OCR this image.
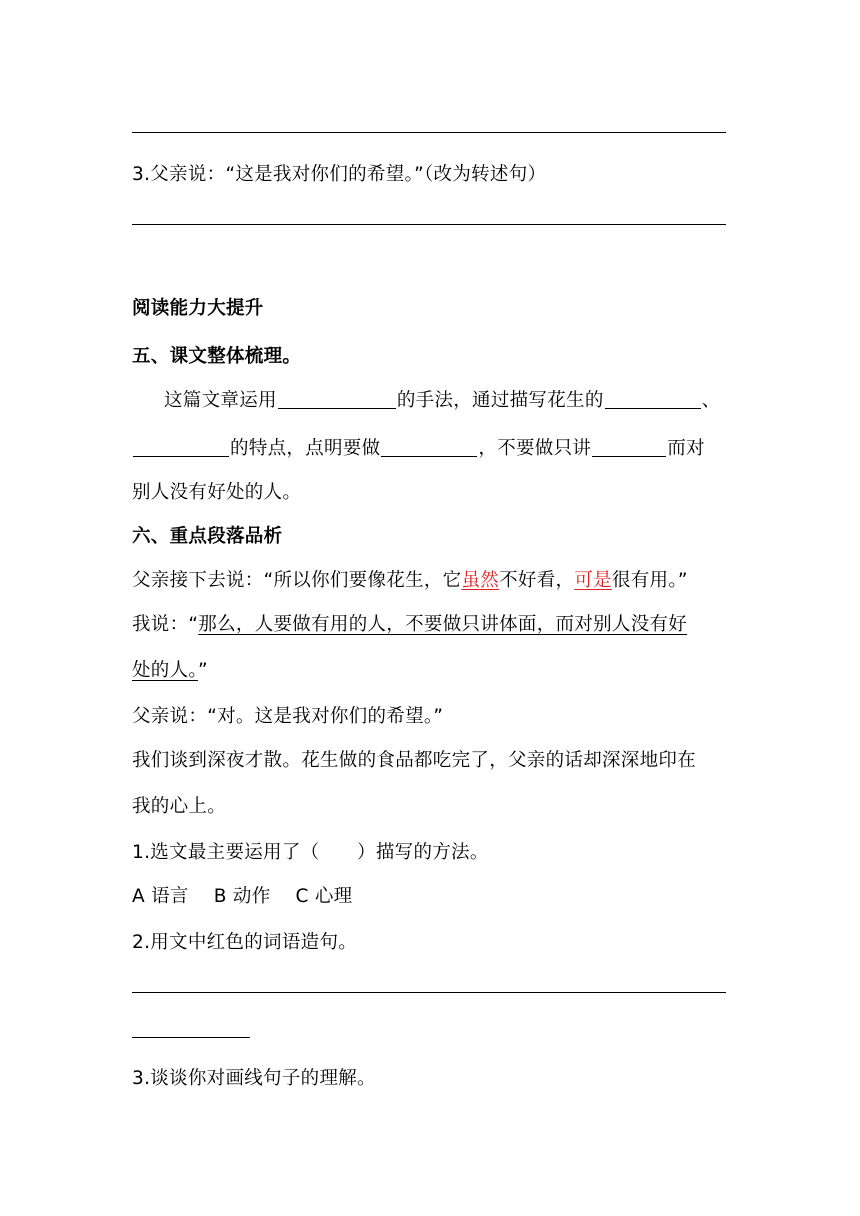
3.父亲说：“这是我对你们的希望。”（改为转述句）
阅读能力大提升
五、课文整体梳理。
这篇文章运用	的手法，通过描写花生的	、
的特点，点明要做	，不要做只讲	而对
别人没有好处的人。
六、重点段落品析
父亲接下去说：“所以你们要像花生，它虽然不好看，可是很有用。”
我说：“那么，人要做有用的人，不要做只讲体面，而对别人没有好
处的人。”
父亲说：“对。这是我对你们的希望。”
我们谈到深夜才散。花生做的食品都吃完了，父亲的话却深深地印在
我的心上。
1.选文最主要运用了（　　）描写的方法。
A 语言　 B 动作　 C 心理
2.用文中红色的词语造句。
3.谈谈你对画线句子的理解。
